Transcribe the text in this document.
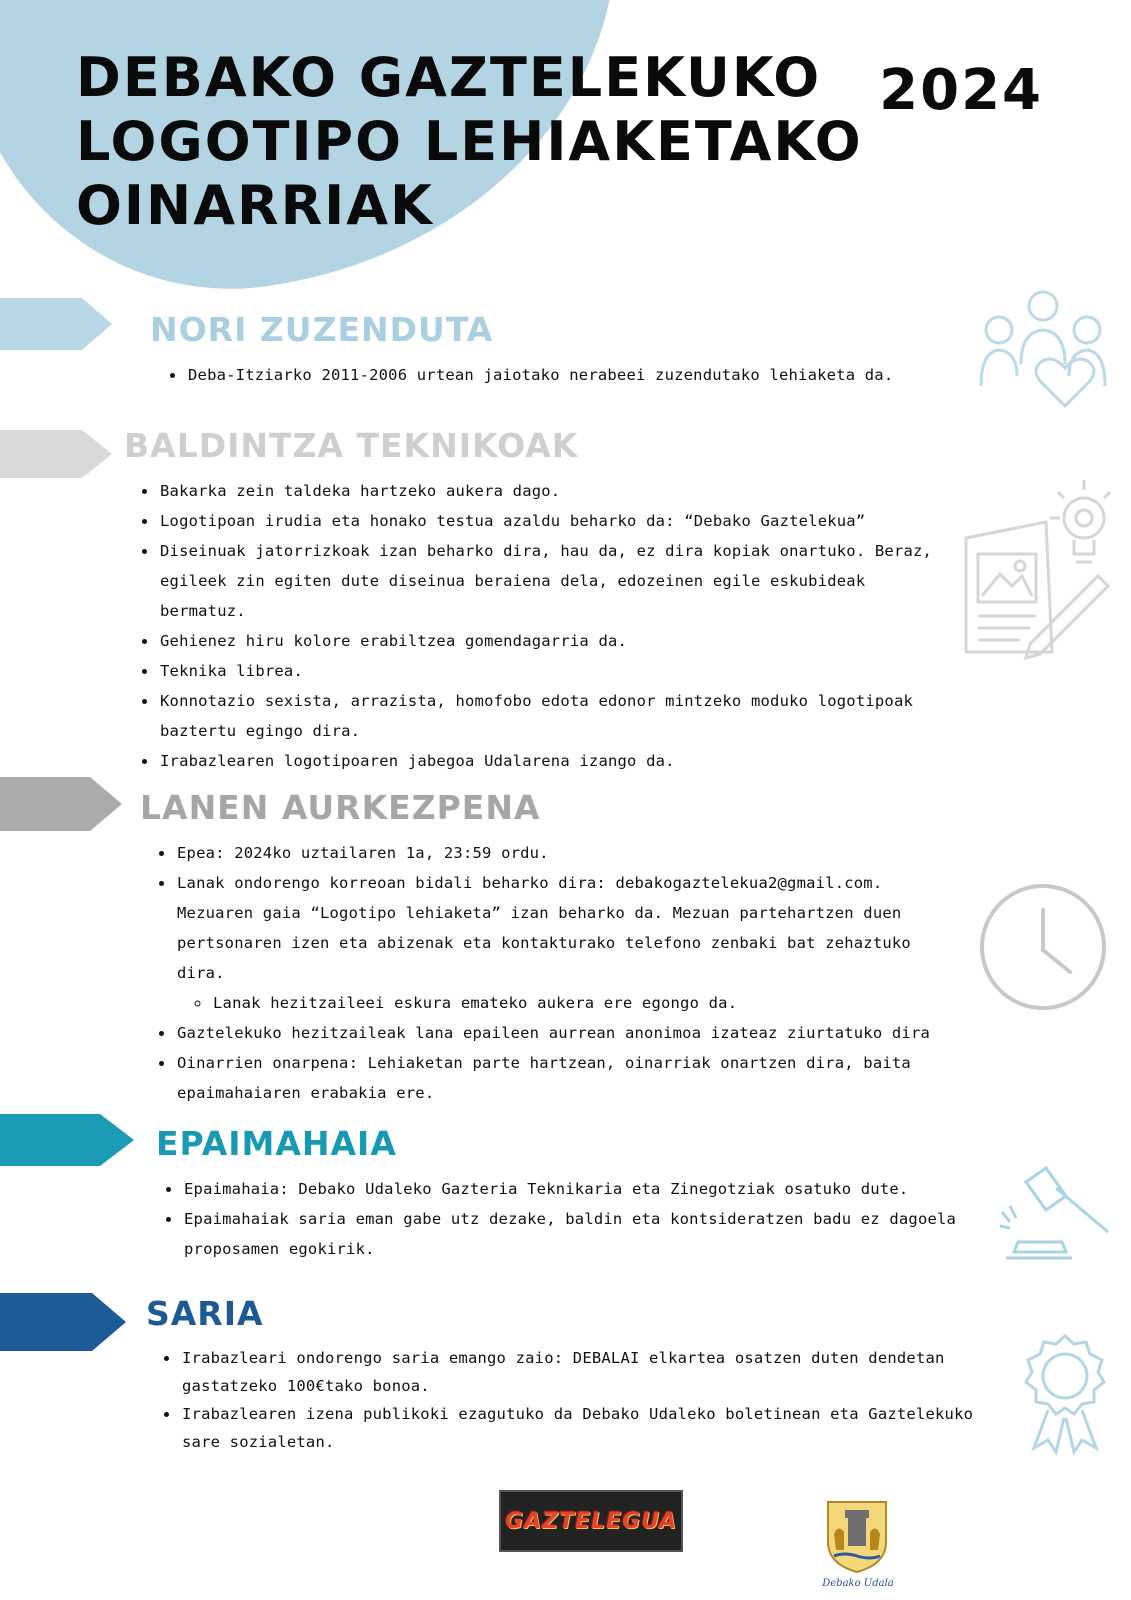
DEBAKO GAZTELEKUKO
LOGOTIPO LEHIAKETAKO
OINARRIAK
2024
NORI ZUZENDUTA
• Deba-Itziarko 2011-2006 urtean jaiotako nerabeei zuzendutako lehiaketa da.
BALDINTZA TEKNIKOAK
• Bakarka zein taldeka hartzeko aukera dago.
• Logotipoan irudia eta honako testua azaldu beharko da: “Debako Gaztelekua”
• Diseinuak jatorrizkoak izan beharko dira, hau da, ez dira kopiak onartuko. Beraz, egileek zin egiten dute diseinua beraiena dela, edozeinen egile eskubideak bermatuz.
• Gehienez hiru kolore erabiltzea gomendagarria da.
• Teknika librea.
• Konnotazio sexista, arrazista, homofobo edota edonor mintzeko moduko logotipoak baztertu egingo dira.
• Irabazlearen logotipoaren jabegoa Udalarena izango da.
LANEN AURKEZPENA
• Epea: 2024ko uztailaren 1a, 23:59 ordu.
• Lanak ondorengo korreoan bidali beharko dira: debakogaztelekua2@gmail.com. Mezuaren gaia “Logotipo lehiaketa” izan beharko da. Mezuan partehartzen duen pertsonaren izen eta abizenak eta kontakturako telefono zenbaki bat zehaztuko dira.
◦ Lanak hezitzaileei eskura emateko aukera ere egongo da.
• Gaztelekuko hezitzaileak lana epaileen aurrean anonimoa izateaz ziurtatuko dira
• Oinarrien onarpena: Lehiaketan parte hartzean, oinarriak onartzen dira, baita epaimahaiaren erabakia ere.
EPAIMAHAIA
• Epaimahaia: Debako Udaleko Gazteria Teknikaria eta Zinegotziak osatuko dute.
• Epaimahaiak saria eman gabe utz dezake, baldin eta kontsideratzen badu ez dagoela proposamen egokirik.
SARIA
• Irabazleari ondorengo saria emango zaio: DEBALAI elkartea osatzen duten dendetan gastatzeko 100€tako bonoa.
• Irabazlearen izena publikoki ezagutuko da Debako Udaleko boletinean eta Gaztelekuko sare sozialetan.
GAZTELEGUA
Debako Udala
